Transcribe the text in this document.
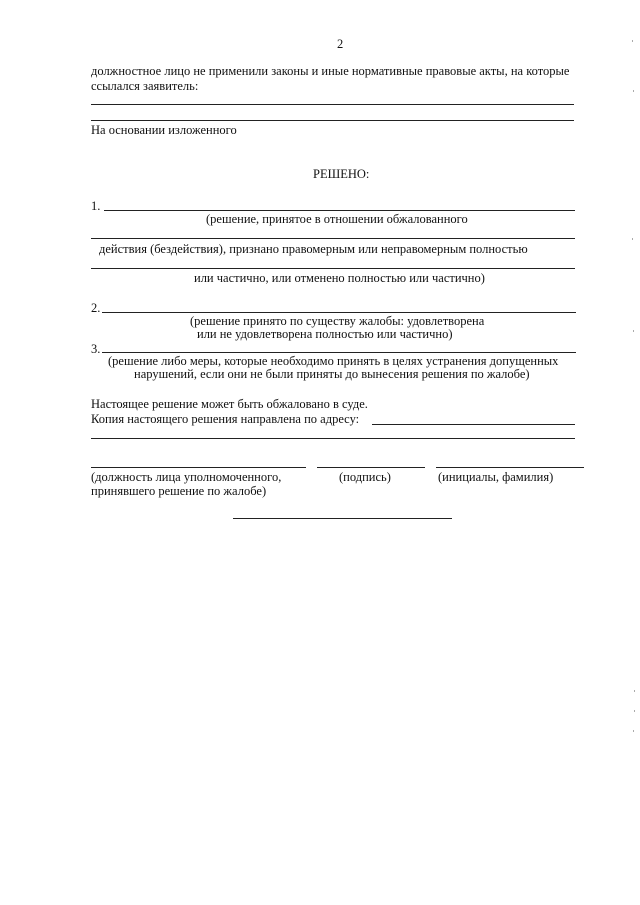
2
должностное лицо не применили законы и иные нормативные правовые акты, на которые
ссылался заявитель:
На основании изложенного
РЕШЕНО:
1.
(решение, принятое в отношении обжалованного
действия (бездействия), признано правомерным или неправомерным полностью
или частично, или отменено полностью или частично)
2.
(решение принято по существу жалобы: удовлетворена
или не удовлетворена полностью или частично)
3.
(решение либо меры, которые необходимо принять в целях устранения допущенных
нарушений, если они не были приняты до вынесения решения по жалобе)
Настоящее решение может быть обжаловано в суде.
Копия настоящего решения направлена по адресу:
(должность лица уполномоченного,
принявшего решение по жалобе)
(подпись)	(инициалы, фамилия)
